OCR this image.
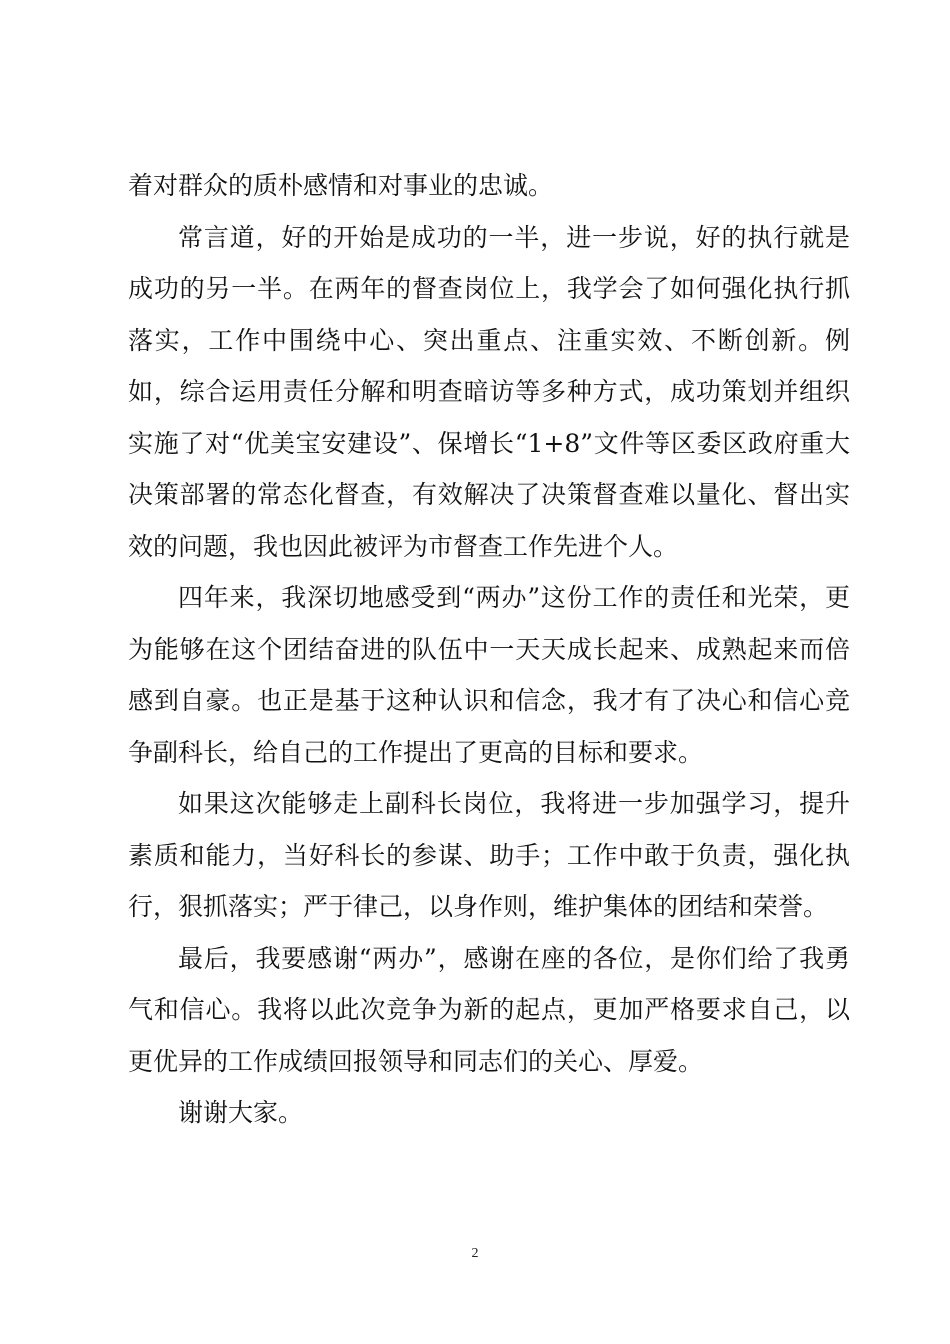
着对群众的质朴感情和对事业的忠诚。

常言道，好的开始是成功的一半，进一步说，好的执行就是成功的另一半。在两年的督查岗位上，我学会了如何强化执行抓落实，工作中围绕中心、突出重点、注重实效、不断创新。例如，综合运用责任分解和明查暗访等多种方式，成功策划并组织实施了对“优美宝安建设”、保增长“1+8”文件等区委区政府重大决策部署的常态化督查，有效解决了决策督查难以量化、督出实效的问题，我也因此被评为市督查工作先进个人。

四年来，我深切地感受到“两办”这份工作的责任和光荣，更为能够在这个团结奋进的队伍中一天天成长起来、成熟起来而倍感到自豪。也正是基于这种认识和信念，我才有了决心和信心竞争副科长，给自己的工作提出了更高的目标和要求。

如果这次能够走上副科长岗位，我将进一步加强学习，提升素质和能力，当好科长的参谋、助手；工作中敢于负责，强化执行，狠抓落实；严于律己，以身作则，维护集体的团结和荣誉。

最后，我要感谢“两办”，感谢在座的各位，是你们给了我勇气和信心。我将以此次竞争为新的起点，更加严格要求自己，以更优异的工作成绩回报领导和同志们的关心、厚爱。

谢谢大家。

2
